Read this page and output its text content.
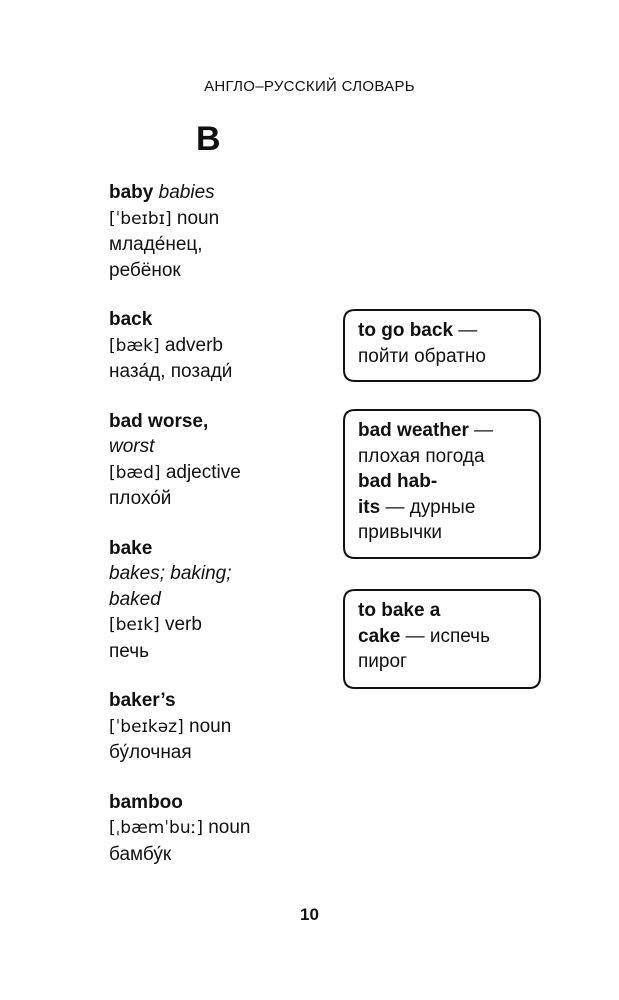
АНГЛО–РУССКИЙ СЛОВАРЬ
B
baby babies
[ˈbeɪbɪ] noun
младе́нец,
ребёнок
back
[bæk] adverb
наза́д, позади́
bad worse,
worst
[bæd] adjective
плохо́й
bake
bakes; baking;
baked
[beɪk] verb
печь
baker’s
[ˈbeɪkəz] noun
бу́лочная
bamboo
[ˌbæmˈbuː] noun
бамбу́к
to go back —
пойти обратно
bad weather —
плохая погода
bad hab-
its — дурные
привычки
to bake a
cake — испечь
пирог
10
